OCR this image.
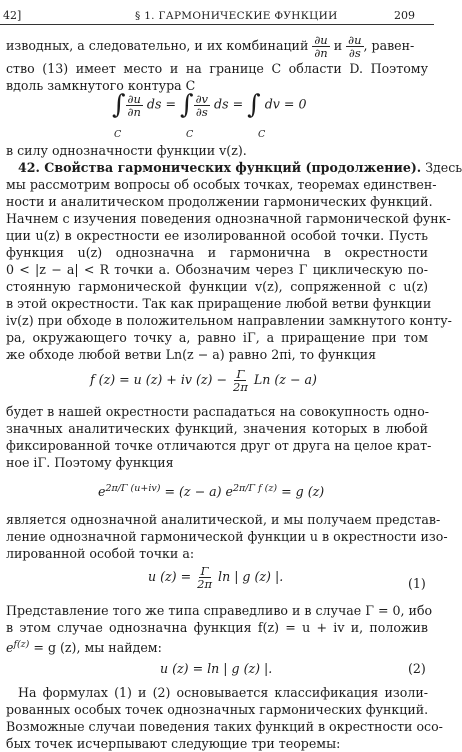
42]	§ 1. ГАРМОНИЧЕСКИЕ ФУНКЦИИ	209
изводных, а следовательно, и их комбинаций $\frac{\partial u}{\partial n}$ и $\frac{\partial u}{\partial s}$ , равен-
ство (13) имеет место и на границе C области D. Поэтому
вдоль замкнутого контура C
∫ $\frac{\partial u}{\partial n}$ ds = ∫ $\frac{\partial v}{\partial s}$ ds = ∫ dv = 0
C	C	C
в силу однозначности функции v(z).
42. Свойства гармонических функций (продолжение). Здесь
мы рассмотрим вопросы об особых точках, теоремах единствен-
ности и аналитическом продолжении гармонических функций.
Начнем с изучения поведения однозначной гармонической функ-
ции u(z) в окрестности ее изолированной особой точки. Пусть
функция u(z) однозначна и гармонична в окрестности
0 < |z − a| < R точки a. Обозначим через Γ циклическую по-
стоянную гармонической функции v(z), сопряженной с u(z)
в этой окрестности. Так как приращение любой ветви функции
iv(z) при обходе в положительном направлении замкнутого конту-
ра, окружающего точку a, равно iΓ, а приращение при том
же обходе любой ветви Ln(z − a) равно 2πi, то функция
f (z) = u (z) + iv $(z) - \frac{\Gamma}{2\pi}$ Ln (z − a)
будет в нашей окрестности распадаться на совокупность одно-
значных аналитических функций, значения которых в любой
фиксированной точке отличаются друг от друга на целое крат-
ное iΓ. Поэтому функция
$e^{2\pi/\Gamma (u+iv)} = (z - a) e^{2\pi/\Gamma f (z)} = g$ (z)
является однозначной аналитической, и мы получаем представ-
ление однозначной гармонической функции u в окрестности изо-
лированной особой точки a:
u $(z) = \frac{\Gamma}{2\pi}$ ln | g (z) |.	(1)
Представление того же типа справедливо и в случае Γ = 0, ибо
в этом случае однозначна функция f(z) = u + iv и, положив
$e^{f(z)} = g$ (z), мы найдем:
u (z) = ln | g (z) |.	(2)
На формулах (1) и (2) основывается классификация изоли-
рованных особых точек однозначных гармонических функций.
Возможные случаи поведения таких функций в окрестности осо-
бых точек исчерпывают следующие три теоремы:
